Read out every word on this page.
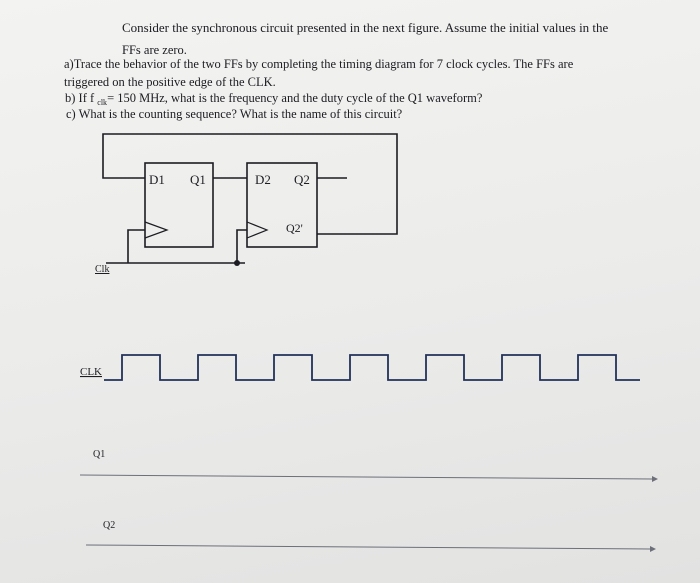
Consider the synchronous circuit presented in the next figure. Assume the initial values in the
FFs are zero.
a)Trace the behavior of the two FFs by completing the timing diagram for 7 clock cycles. The FFs are
triggered on the positive edge of the CLK.
b) If f $_{clk}$= 150 MHz, what is the frequency and the duty cycle of the Q1 waveform?
c) What is the counting sequence? What is the name of this circuit?
D1 Q1	D2 Q2
Q2'
Clk
CLK
Q1
Q2
